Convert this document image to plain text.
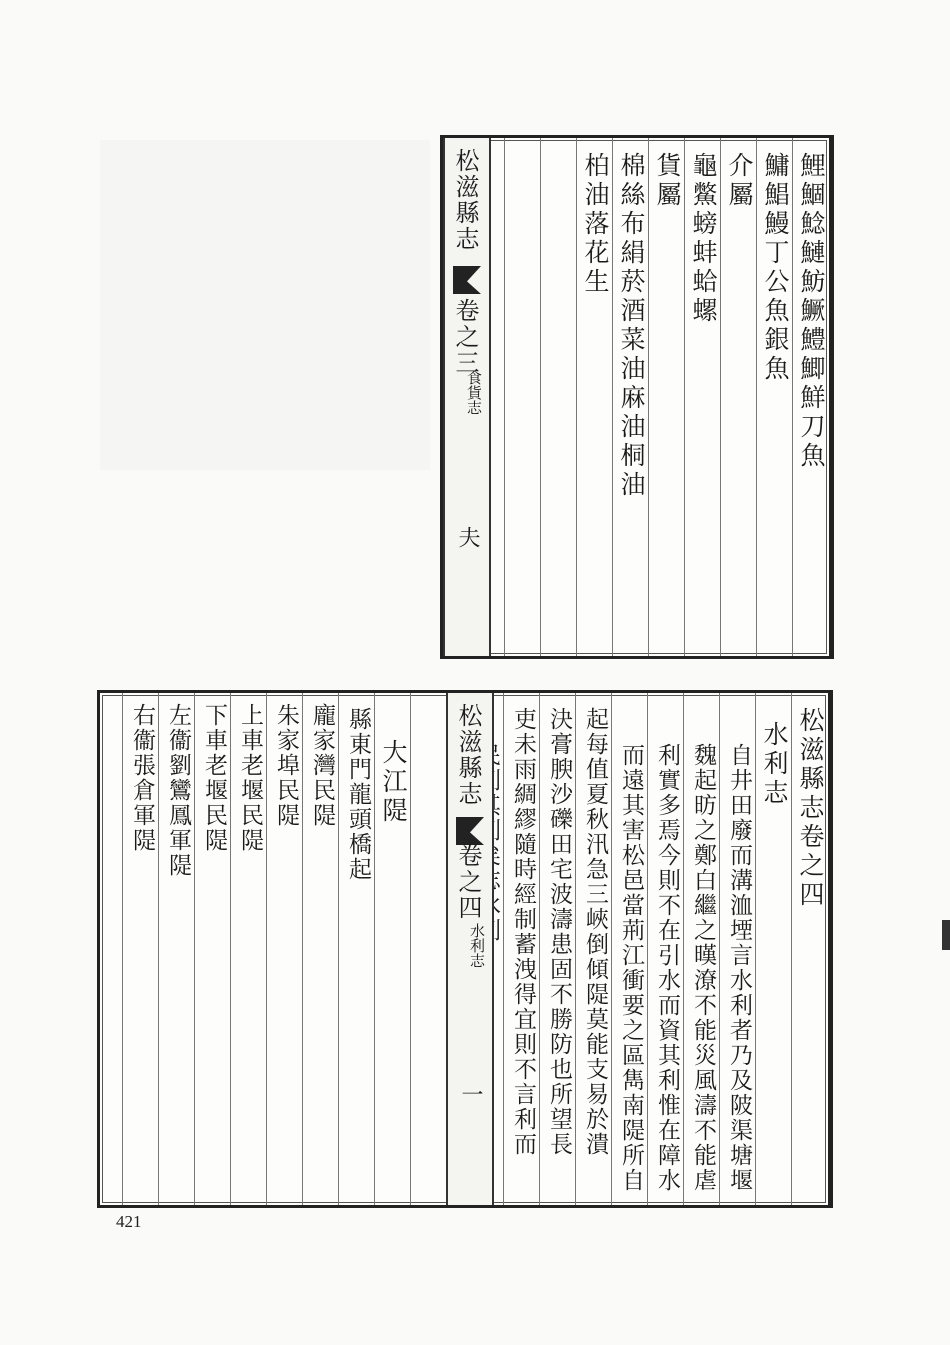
鯉鯝鯰鰱魴鱖鱧鯽鮮刀魚
鱅鯧鰻丁公魚銀魚
介屬
龜鱉螃蚌蛤螺
貨屬
棉絲布絹菸酒菜油麻油桐油
柏油落花生
松滋縣志
卷之三
食貨志
夫
松滋縣志卷之四
水利志
自井田廢而溝洫堙言水利者乃及陂渠塘堰
魏起昉之鄭白繼之暵潦不能災風濤不能虐
利實多焉今則不在引水而資其利惟在障水
而遠其害松邑當荊江衝要之區雋南隄所自
起每值夏秋汛急三峽倒傾隄莫能支易於潰
決膏腴沙礫田宅波濤患固不勝防也所望長
吏未雨綢繆隨時經制蓄洩得宜則不言利而
松滋縣志
卷之四
水利志
一
大江隄
縣東門龍頭橋起
龐家灣民隄
朱家埠民隄
上車老堰民隄
下車老堰民隄
左衞劉鸞鳳軍隄
右衞張倉軍隄
421
